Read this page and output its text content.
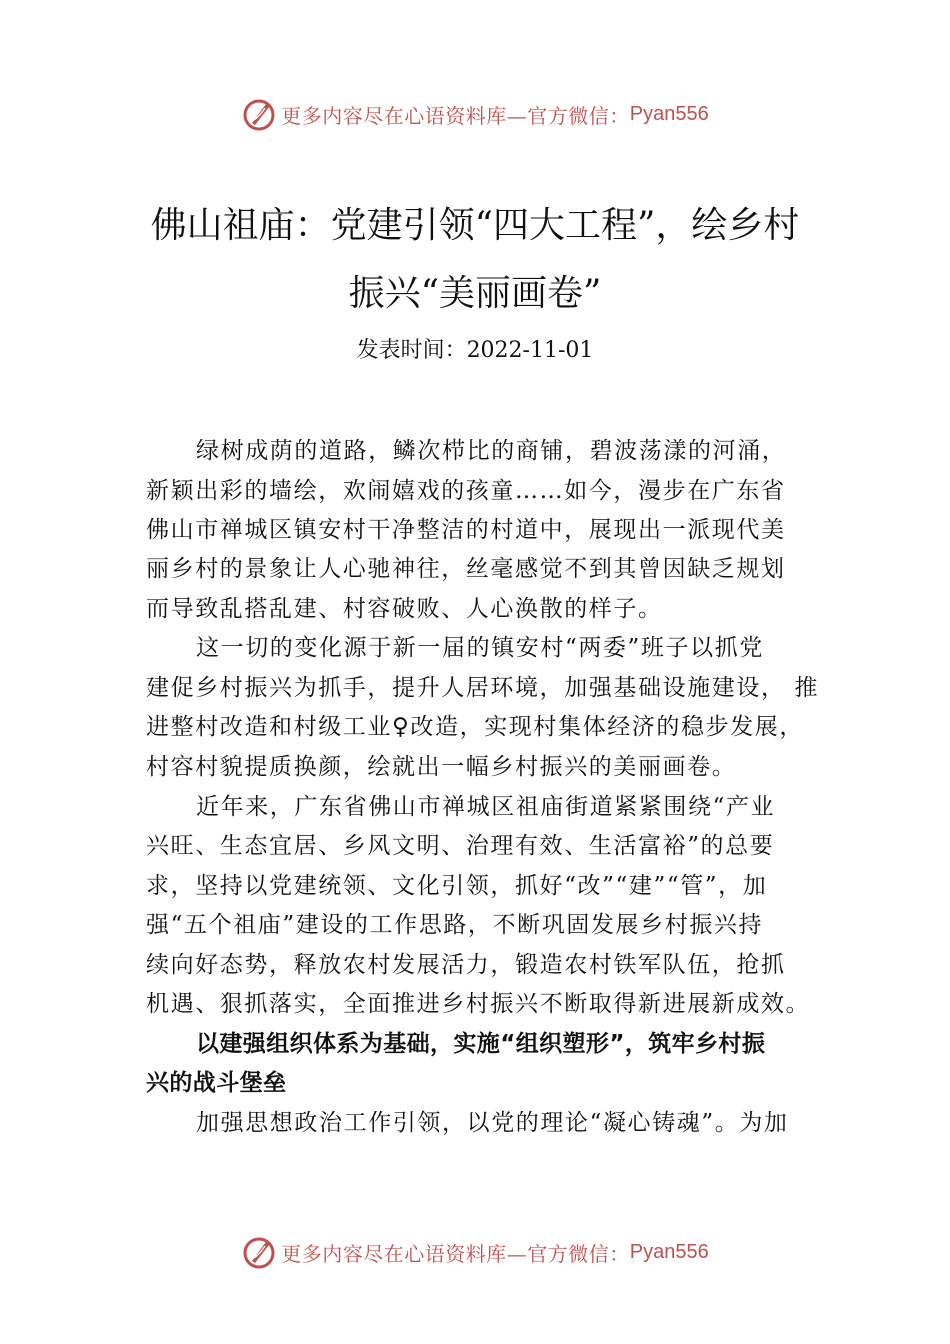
更多内容尽在心语资料库—官方微信： Pyan556
佛山祖庙：党建引领“四大工程”，绘乡村
振兴“美丽画卷”
发表时间：2022-11-01
绿树成荫的道路，鳞次栉比的商铺，碧波荡漾的河涌，
新颖出彩的墙绘，欢闹嬉戏的孩童……如今，漫步在广东省
佛山市禅城区镇安村干净整洁的村道中，展现出一派现代美
丽乡村的景象让人心驰神往，丝毫感觉不到其曾因缺乏规划
而导致乱搭乱建、村容破败、人心涣散的样子。
这一切的变化源于新一届的镇安村“两委”班子以抓党
建促乡村振兴为抓手，提升人居环境，加强基础设施建设， 推
进整村改造和村级工业♀改造，实现村集体经济的稳步发展，
村容村貌提质换颜，绘就出一幅乡村振兴的美丽画卷。
近年来，广东省佛山市禅城区祖庙街道紧紧围绕“产业
兴旺、生态宜居、乡风文明、治理有效、生活富裕”的总要
求，坚持以党建统领、文化引领，抓好“改”“建”“管”，加
强“五个祖庙”建设的工作思路，不断巩固发展乡村振兴持
续向好态势，释放农村发展活力，锻造农村铁军队伍，抢抓
机遇、狠抓落实，全面推进乡村振兴不断取得新进展新成效。
以建强组织体系为基础，实施“组织塑形”，筑牢乡村振
兴的战斗堡垒
加强思想政治工作引领，以党的理论“凝心铸魂”。为加
更多内容尽在心语资料库—官方微信： Pyan556
